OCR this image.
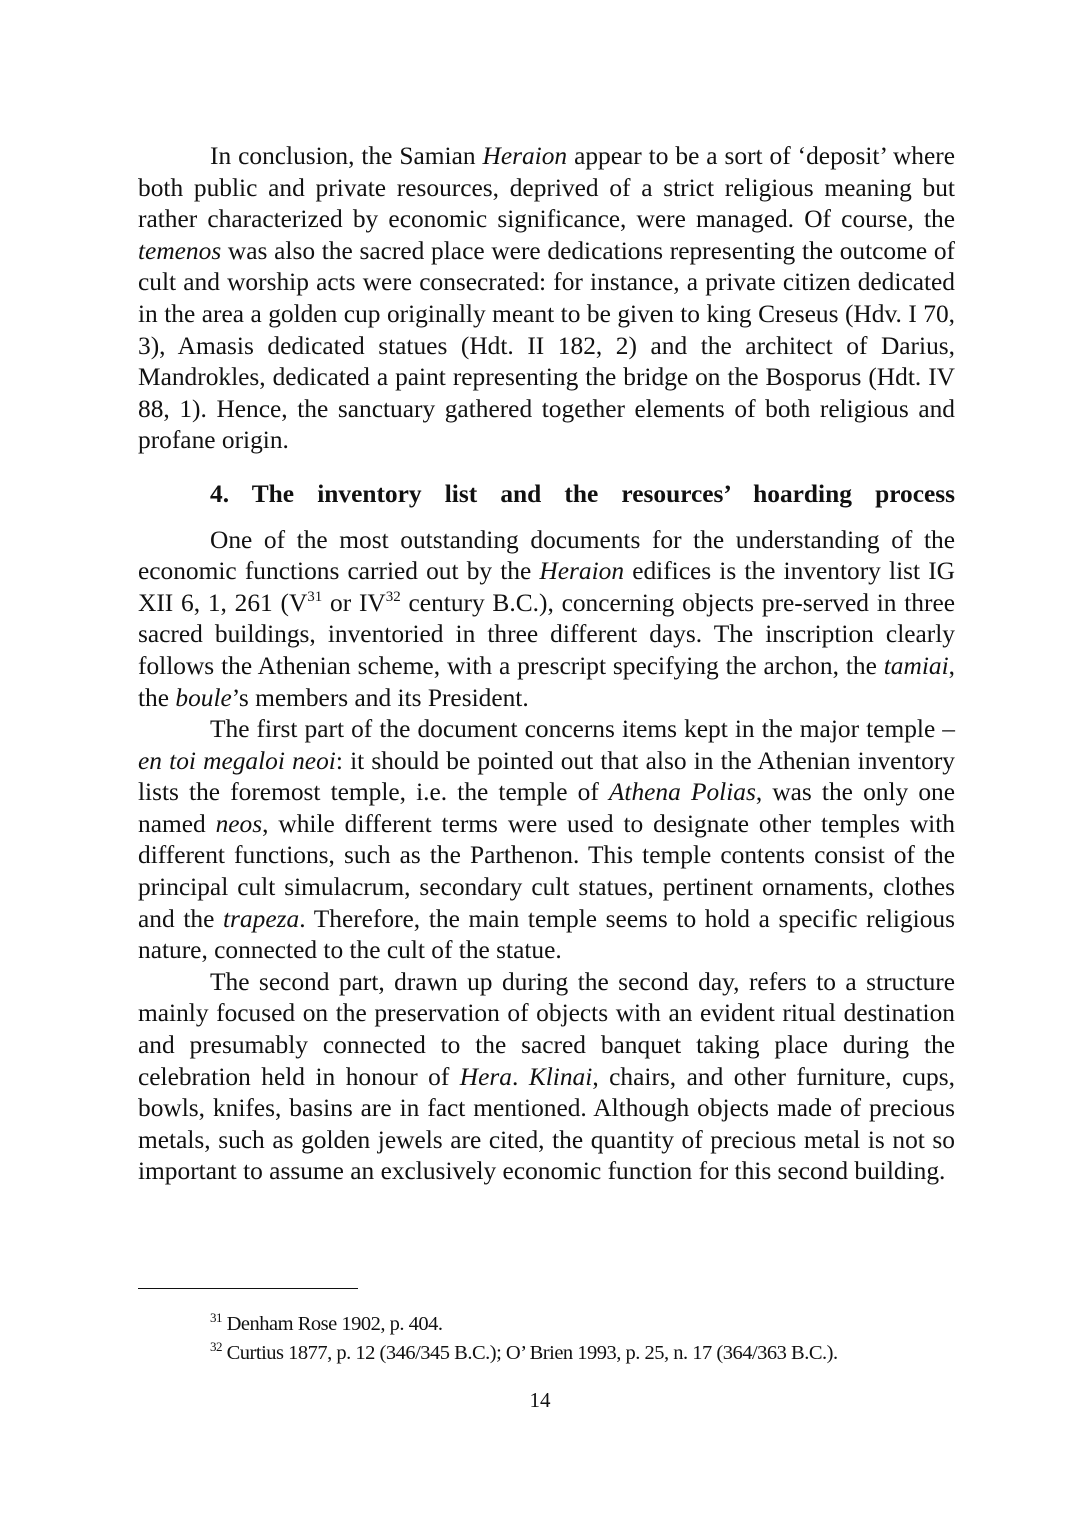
In conclusion, the Samian Heraion appear to be a sort of ‘deposit’ where both public and private resources, deprived of a strict religious meaning but rather characterized by economic significance, were managed. Of course, the temenos was also the sacred place were dedications representing the outcome of cult and worship acts were consecrated: for instance, a private citizen dedicated in the area a golden cup originally meant to be given to king Creseus (Hdv. I 70, 3), Amasis dedicated statues (Hdt. II 182, 2) and the architect of Darius, Mandrokles, dedicated a paint representing the bridge on the Bosporus (Hdt. IV 88, 1). Hence, the sanctuary gathered together elements of both religious and profane origin.

4. The inventory list and the resources’ hoarding process

One of the most outstanding documents for the understanding of the economic functions carried out by the Heraion edifices is the inventory list IG XII 6, 1, 261 ($V^{31}$ or IV$^{32}$ century B.C.), concerning objects pre-served in three sacred buildings, inventoried in three different days. The inscription clearly follows the Athenian scheme, with a prescript specifying the archon, the tamiai, the boule’s members and its President.

The first part of the document concerns items kept in the major temple – en toi megaloi neoi: it should be pointed out that also in the Athenian inventory lists the foremost temple, i.e. the temple of Athena Polias, was the only one named neos, while different terms were used to designate other temples with different functions, such as the Parthenon. This temple contents consist of the principal cult simulacrum, secondary cult statues, pertinent ornaments, clothes and the trapeza. Therefore, the main temple seems to hold a specific religious nature, connected to the cult of the statue.

The second part, drawn up during the second day, refers to a structure mainly focused on the preservation of objects with an evident ritual destination and presumably connected to the sacred banquet taking place during the celebration held in honour of Hera. Klinai, chairs, and other furniture, cups, bowls, knifes, basins are in fact mentioned. Although objects made of precious metals, such as golden jewels are cited, the quantity of precious metal is not so important to assume an exclusively economic function for this second building.

$^{31}$ Denham Rose 1902, p. 404.
$^{32}$ Curtius 1877, p. 12 (346/345 B.C.); O’ Brien 1993, p. 25, n. 17 (364/363 B.C.).
14
